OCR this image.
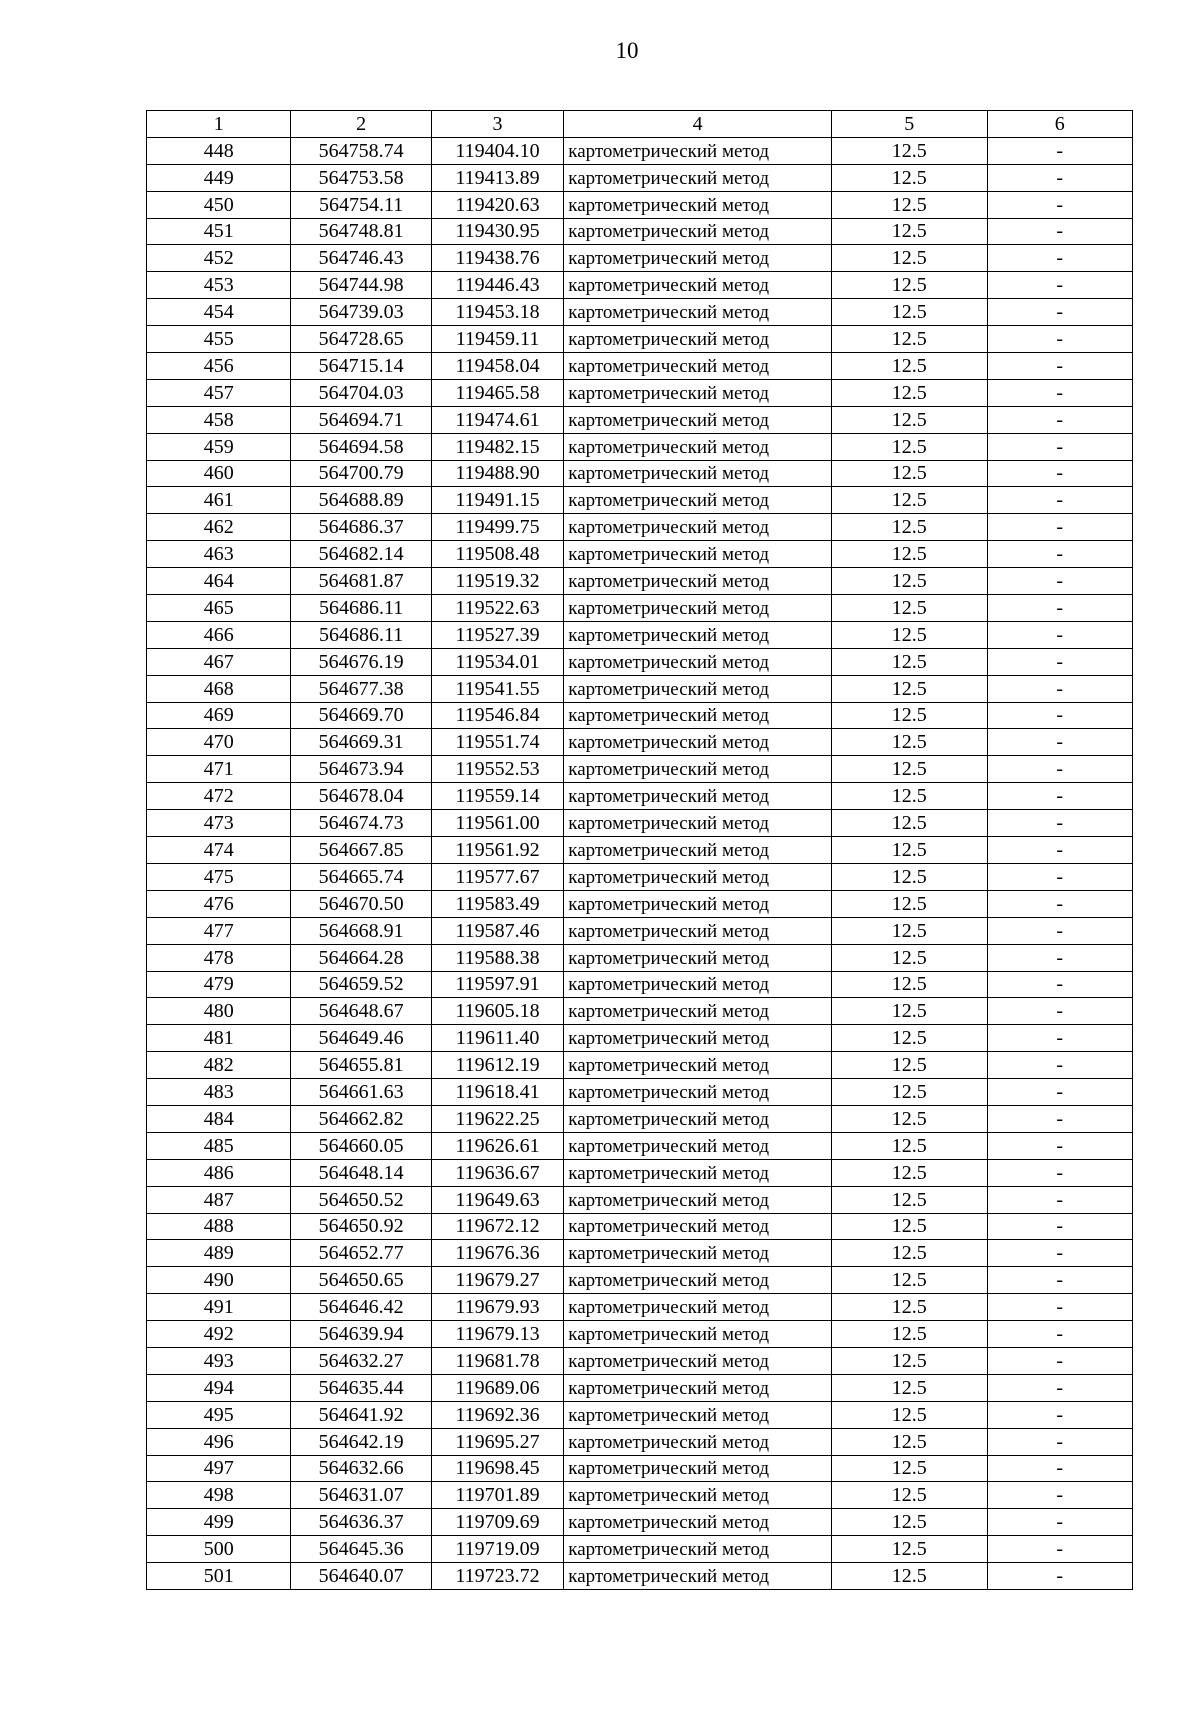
10
1	2	3	4	5	6
448	564758.74	119404.10	картометрический метод	12.5	-
449	564753.58	119413.89	картометрический метод	12.5	-
450	564754.11	119420.63	картометрический метод	12.5	-
451	564748.81	119430.95	картометрический метод	12.5	-
452	564746.43	119438.76	картометрический метод	12.5	-
453	564744.98	119446.43	картометрический метод	12.5	-
454	564739.03	119453.18	картометрический метод	12.5	-
455	564728.65	119459.11	картометрический метод	12.5	-
456	564715.14	119458.04	картометрический метод	12.5	-
457	564704.03	119465.58	картометрический метод	12.5	-
458	564694.71	119474.61	картометрический метод	12.5	-
459	564694.58	119482.15	картометрический метод	12.5	-
460	564700.79	119488.90	картометрический метод	12.5	-
461	564688.89	119491.15	картометрический метод	12.5	-
462	564686.37	119499.75	картометрический метод	12.5	-
463	564682.14	119508.48	картометрический метод	12.5	-
464	564681.87	119519.32	картометрический метод	12.5	-
465	564686.11	119522.63	картометрический метод	12.5	-
466	564686.11	119527.39	картометрический метод	12.5	-
467	564676.19	119534.01	картометрический метод	12.5	-
468	564677.38	119541.55	картометрический метод	12.5	-
469	564669.70	119546.84	картометрический метод	12.5	-
470	564669.31	119551.74	картометрический метод	12.5	-
471	564673.94	119552.53	картометрический метод	12.5	-
472	564678.04	119559.14	картометрический метод	12.5	-
473	564674.73	119561.00	картометрический метод	12.5	-
474	564667.85	119561.92	картометрический метод	12.5	-
475	564665.74	119577.67	картометрический метод	12.5	-
476	564670.50	119583.49	картометрический метод	12.5	-
477	564668.91	119587.46	картометрический метод	12.5	-
478	564664.28	119588.38	картометрический метод	12.5	-
479	564659.52	119597.91	картометрический метод	12.5	-
480	564648.67	119605.18	картометрический метод	12.5	-
481	564649.46	119611.40	картометрический метод	12.5	-
482	564655.81	119612.19	картометрический метод	12.5	-
483	564661.63	119618.41	картометрический метод	12.5	-
484	564662.82	119622.25	картометрический метод	12.5	-
485	564660.05	119626.61	картометрический метод	12.5	-
486	564648.14	119636.67	картометрический метод	12.5	-
487	564650.52	119649.63	картометрический метод	12.5	-
488	564650.92	119672.12	картометрический метод	12.5	-
489	564652.77	119676.36	картометрический метод	12.5	-
490	564650.65	119679.27	картометрический метод	12.5	-
491	564646.42	119679.93	картометрический метод	12.5	-
492	564639.94	119679.13	картометрический метод	12.5	-
493	564632.27	119681.78	картометрический метод	12.5	-
494	564635.44	119689.06	картометрический метод	12.5	-
495	564641.92	119692.36	картометрический метод	12.5	-
496	564642.19	119695.27	картометрический метод	12.5	-
497	564632.66	119698.45	картометрический метод	12.5	-
498	564631.07	119701.89	картометрический метод	12.5	-
499	564636.37	119709.69	картометрический метод	12.5	-
500	564645.36	119719.09	картометрический метод	12.5	-
501	564640.07	119723.72	картометрический метод	12.5	-
